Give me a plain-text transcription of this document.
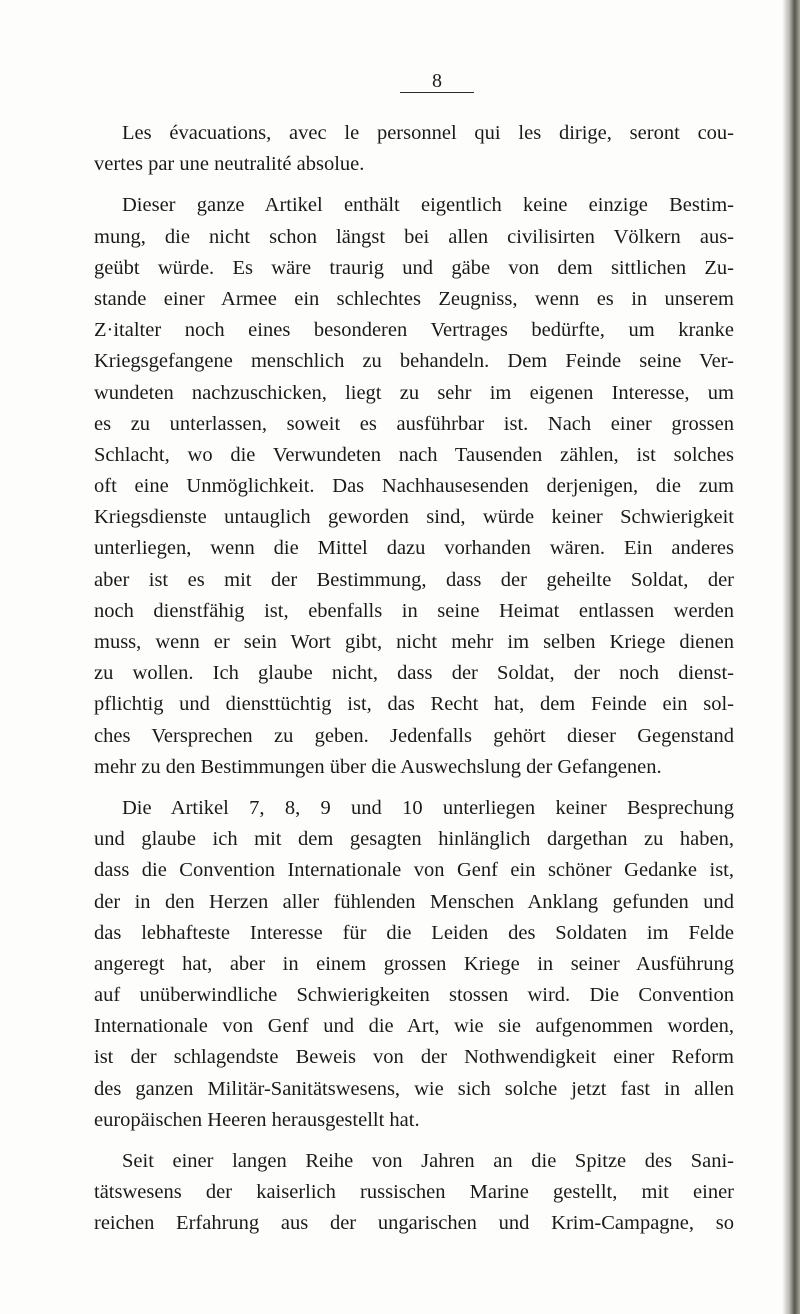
8
Les évacuations, avec le personnel qui les dirige, seront cou-
vertes par une neutralité absolue.
Dieser ganze Artikel enthält eigentlich keine einzige Bestim-
mung, die nicht schon längst bei allen civilisirten Völkern aus-
geübt würde. Es wäre traurig und gäbe von dem sittlichen Zu-
stande einer Armee ein schlechtes Zeugniss, wenn es in unserem
Z·italter noch eines besonderen Vertrages bedürfte, um kranke
Kriegsgefangene menschlich zu behandeln. Dem Feinde seine Ver-
wundeten nachzuschicken, liegt zu sehr im eigenen Interesse, um
es zu unterlassen, soweit es ausführbar ist. Nach einer grossen
Schlacht, wo die Verwundeten nach Tausenden zählen, ist solches
oft eine Unmöglichkeit. Das Nachhausesenden derjenigen, die zum
Kriegsdienste untauglich geworden sind, würde keiner Schwierigkeit
unterliegen, wenn die Mittel dazu vorhanden wären. Ein anderes
aber ist es mit der Bestimmung, dass der geheilte Soldat, der
noch dienstfähig ist, ebenfalls in seine Heimat entlassen werden
muss, wenn er sein Wort gibt, nicht mehr im selben Kriege dienen
zu wollen. Ich glaube nicht, dass der Soldat, der noch dienst-
pflichtig und diensttüchtig ist, das Recht hat, dem Feinde ein sol-
ches Versprechen zu geben. Jedenfalls gehört dieser Gegenstand
mehr zu den Bestimmungen über die Auswechslung der Gefangenen.
Die Artikel 7, 8, 9 und 10 unterliegen keiner Besprechung
und glaube ich mit dem gesagten hinlänglich dargethan zu haben,
dass die Convention Internationale von Genf ein schöner Gedanke ist,
der in den Herzen aller fühlenden Menschen Anklang gefunden und
das lebhafteste Interesse für die Leiden des Soldaten im Felde
angeregt hat, aber in einem grossen Kriege in seiner Ausführung
auf unüberwindliche Schwierigkeiten stossen wird. Die Convention
Internationale von Genf und die Art, wie sie aufgenommen worden,
ist der schlagendste Beweis von der Nothwendigkeit einer Reform
des ganzen Militär-Sanitätswesens, wie sich solche jetzt fast in allen
europäischen Heeren herausgestellt hat.
Seit einer langen Reihe von Jahren an die Spitze des Sani-
tätswesens der kaiserlich russischen Marine gestellt, mit einer
reichen Erfahrung aus der ungarischen und Krim-Campagne, so
